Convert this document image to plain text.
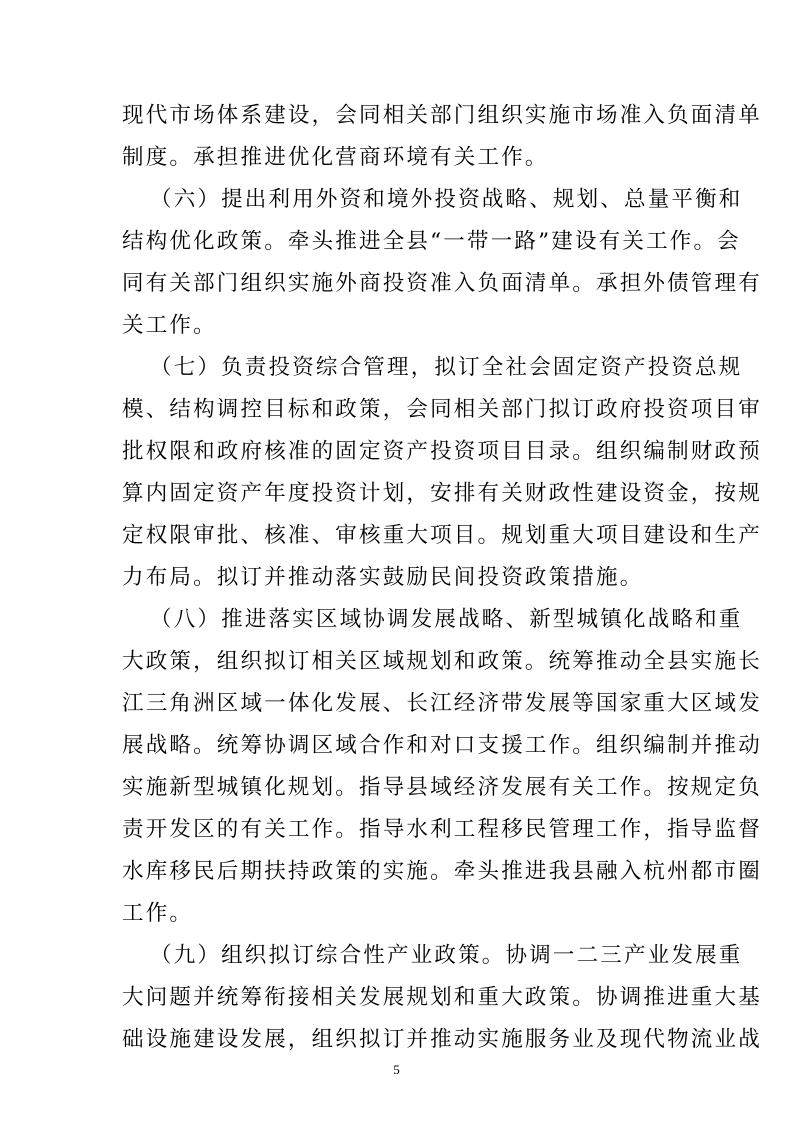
现代市场体系建设，会同相关部门组织实施市场准入负面清单
制度。承担推进优化营商环境有关工作。
（六）提出利用外资和境外投资战略、规划、总量平衡和
结构优化政策。牵头推进全县“一带一路”建设有关工作。会
同有关部门组织实施外商投资准入负面清单。承担外债管理有
关工作。
（七）负责投资综合管理，拟订全社会固定资产投资总规
模、结构调控目标和政策，会同相关部门拟订政府投资项目审
批权限和政府核准的固定资产投资项目目录。组织编制财政预
算内固定资产年度投资计划，安排有关财政性建设资金，按规
定权限审批、核准、审核重大项目。规划重大项目建设和生产
力布局。拟订并推动落实鼓励民间投资政策措施。
（八）推进落实区域协调发展战略、新型城镇化战略和重
大政策，组织拟订相关区域规划和政策。统筹推动全县实施长
江三角洲区域一体化发展、长江经济带发展等国家重大区域发
展战略。统筹协调区域合作和对口支援工作。组织编制并推动
实施新型城镇化规划。指导县域经济发展有关工作。按规定负
责开发区的有关工作。指导水利工程移民管理工作，指导监督
水库移民后期扶持政策的实施。牵头推进我县融入杭州都市圈
工作。
（九）组织拟订综合性产业政策。协调一二三产业发展重
大问题并统筹衔接相关发展规划和重大政策。协调推进重大基
础设施建设发展，组织拟订并推动实施服务业及现代物流业战
5
